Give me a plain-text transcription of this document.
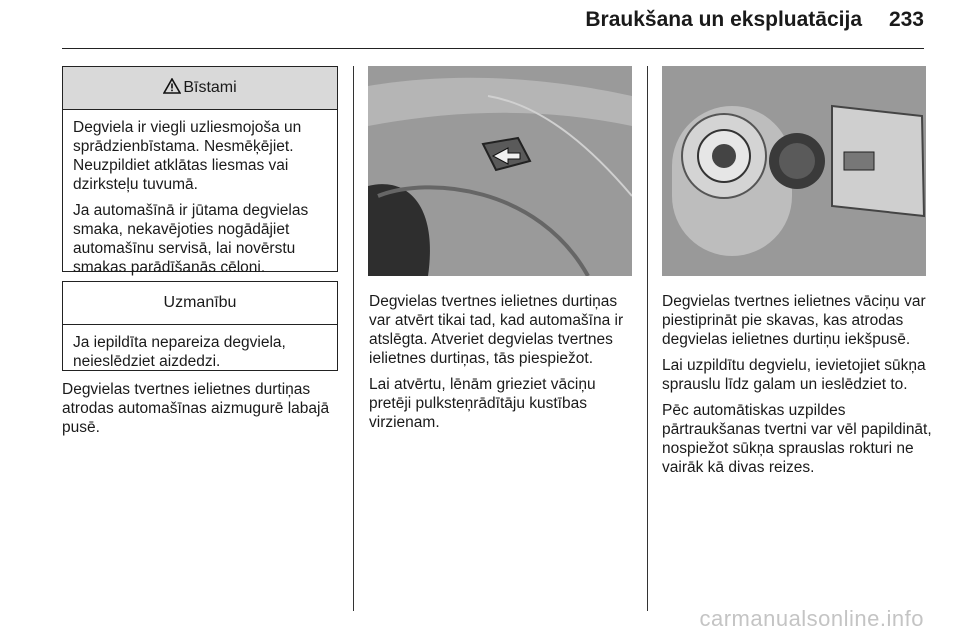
Braukšana un ekspluatācija 233
Bīstami

Degviela ir viegli uzliesmojoša un sprādzienbīstama. Nesmēķējiet. Neuzpildiet atklātas liesmas vai dzirksteļu tuvumā.

Ja automašīnā ir jūtama degvielas smaka, nekavējoties nogādājiet automašīnu servisā, lai novērstu smakas parādīšanās cēloni.

Uzmanību

Ja iepildīta nepareiza degviela, neieslēdziet aizdedzi.

Degvielas tvertnes ielietnes durtiņas atrodas automašīnas aizmugurē labajā pusē.

Degvielas tvertnes ielietnes durtiņas var atvērt tikai tad, kad automašīna ir atslēgta. Atveriet degvielas tvertnes ielietnes durtiņas, tās piespiežot.

Lai atvērtu, lēnām grieziet vāciņu pretēji pulksteņrādītāju kustības virzienam.

Degvielas tvertnes ielietnes vāciņu var piestiprināt pie skavas, kas atrodas degvielas ielietnes durtiņu iekšpusē.

Lai uzpildītu degvielu, ievietojiet sūkņa sprauslu līdz galam un ieslēdziet to.

Pēc automātiskas uzpildes pārtraukšanas tvertni var vēl papildināt, nospiežot sūkņa sprauslas rokturi ne vairāk kā divas reizes.

carmanualsonline.info
